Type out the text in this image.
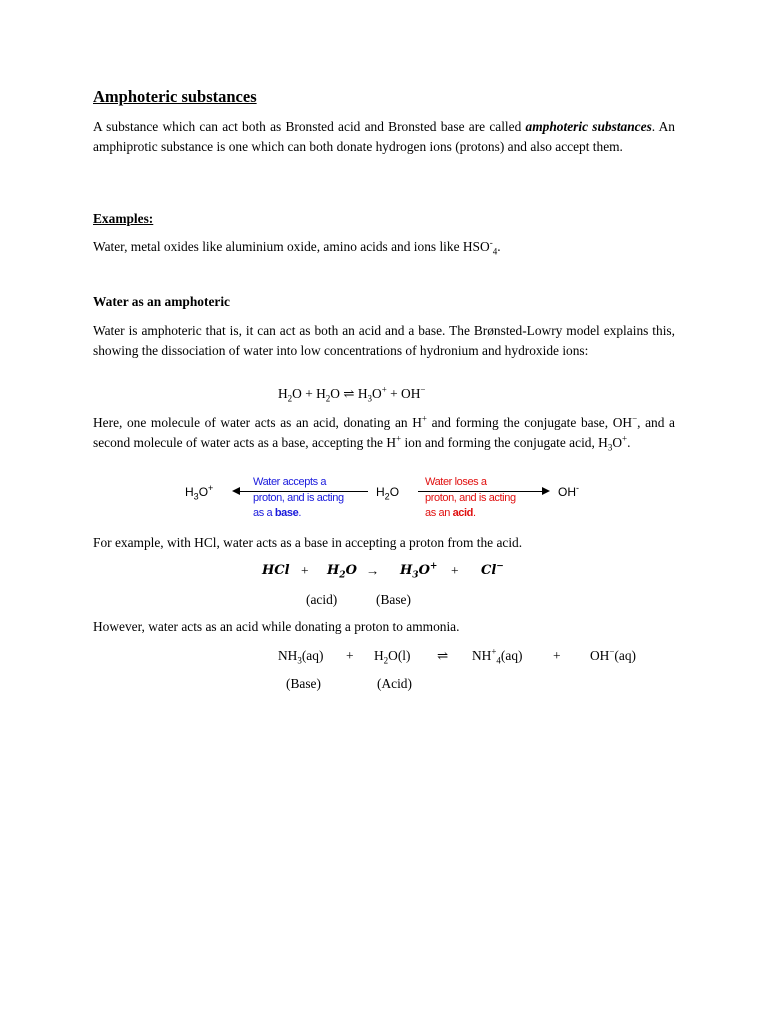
Amphoteric substances

A substance which can act both as Bronsted acid and Bronsted base are called amphoteric substances. An amphiprotic substance is one which can both donate hydrogen ions (protons) and also accept them.

Examples:
Water, metal oxides like aluminium oxide, amino acids and ions like $HSO^-_4$.
Water as an amphoteric

Water is amphoteric that is, it can act as both an acid and a base. The Brønsted-Lowry model explains this, showing the dissociation of water into low concentrations of hydronium and hydroxide ions:

$H_2O + H_2O$ ⇌ $H_3O^+ + OH^-$

Here, one molecule of water acts as an acid, donating an H+ and forming the conjugate base, OH−, and a second molecule of water acts as a base, accepting the H+ ion and forming the conjugate acid, $H_3O^+$.

$H_3O^+$	Water accepts a
proton, and is acting
as a base.
$H_2O$
Water loses a
proton, and is acting
as an acid.
OH-
For example, with HCl, water acts as a base in accepting a proton from the acid.
HCl + $H_2O \to H_3O^+ + Cl^-$
(acid)	(Base)
However, water acts as an acid while donating a proton to ammonia.
$NH_3(aq) + H_2O(l)$ ⇌ $NH^+_4(aq) + OH^-(aq)$
(Base)	(Acid)
